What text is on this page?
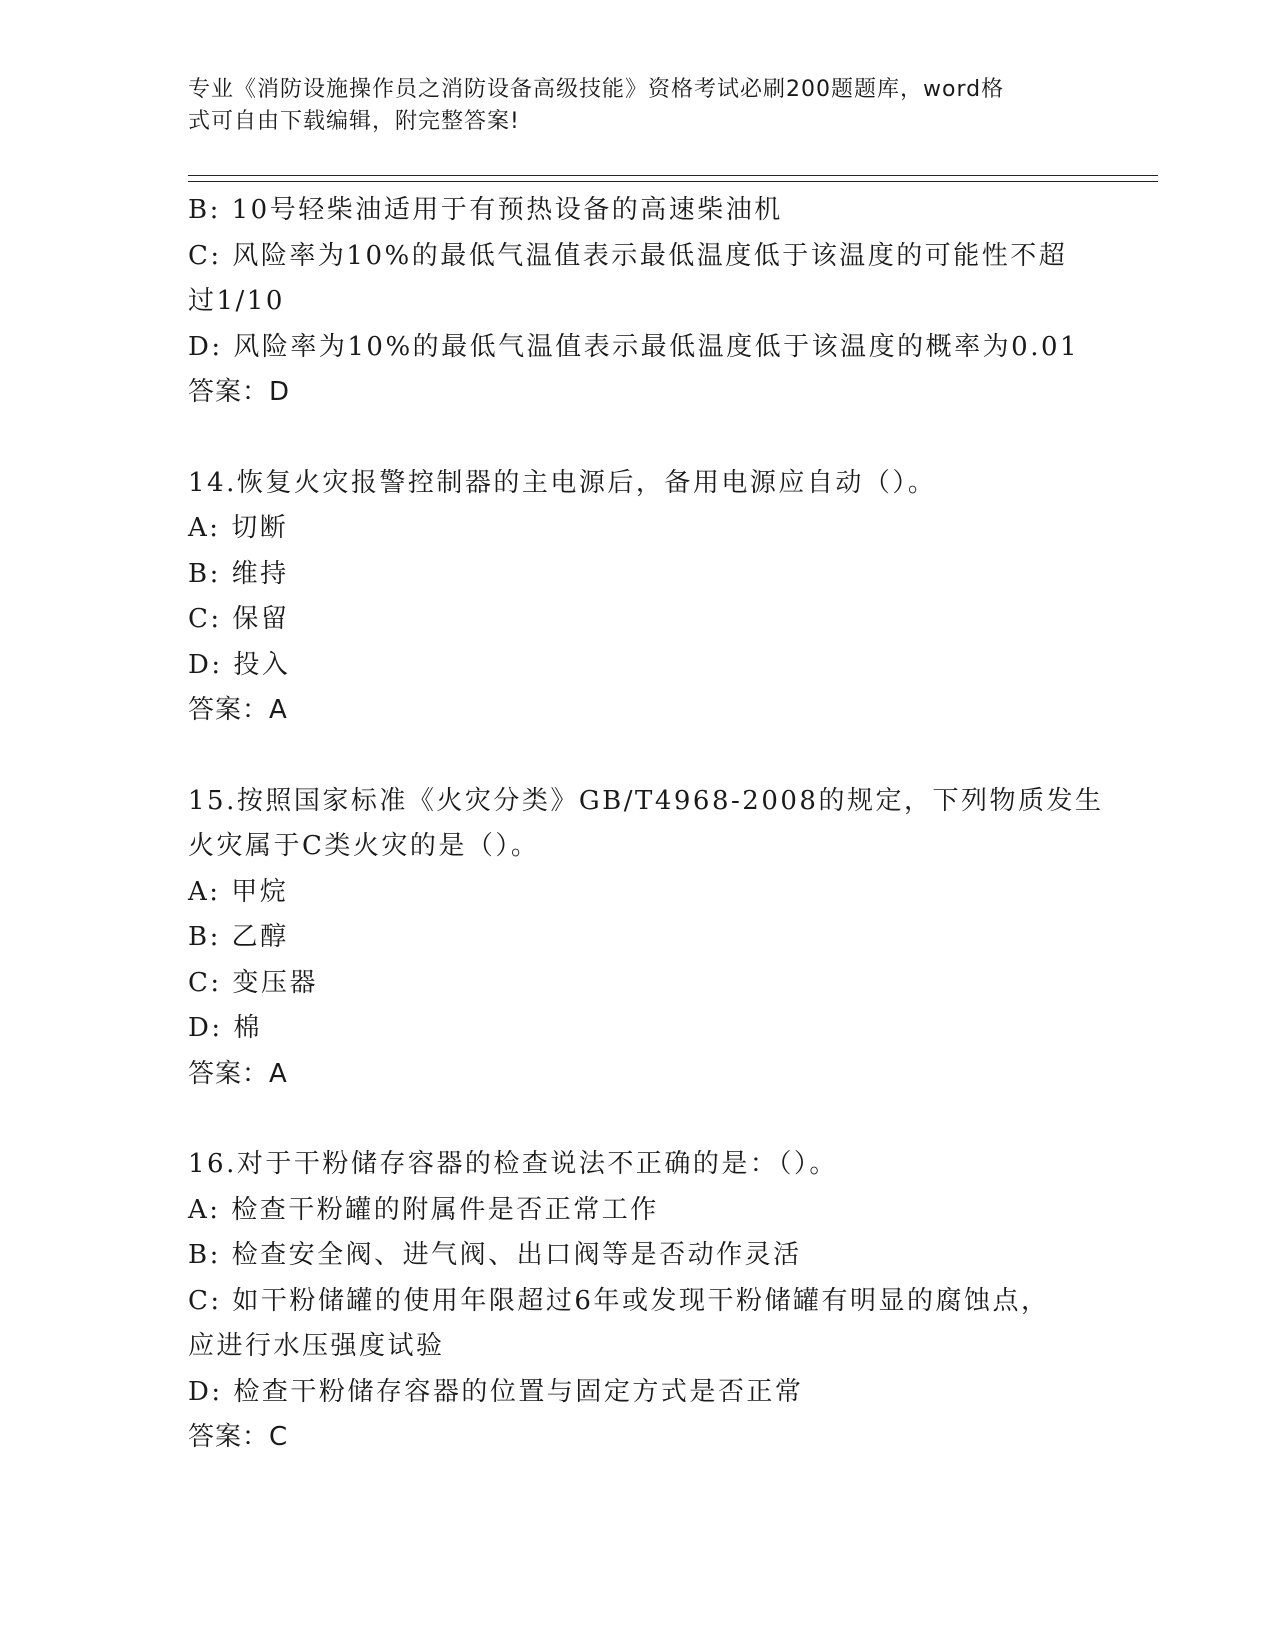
专业《消防设施操作员之消防设备高级技能》资格考试必刷200题题库，word格
式可自由下载编辑，附完整答案!
B: 10号轻柴油适用于有预热设备的高速柴油机
C: 风险率为10%的最低气温值表示最低温度低于该温度的可能性不超
过1/10
D: 风险率为10%的最低气温值表示最低温度低于该温度的概率为0.01
答案：D
14.恢复火灾报警控制器的主电源后，备用电源应自动（）。
A: 切断
B: 维持
C: 保留
D: 投入
答案：A
15.按照国家标准《火灾分类》GB/T4968-2008的规定，下列物质发生
火灾属于C类火灾的是（）。
A: 甲烷
B: 乙醇
C: 变压器
D: 棉
答案：A
16.对于干粉储存容器的检查说法不正确的是：（）。
A: 检查干粉罐的附属件是否正常工作
B: 检查安全阀、进气阀、出口阀等是否动作灵活
C: 如干粉储罐的使用年限超过6年或发现干粉储罐有明显的腐蚀点，
应进行水压强度试验
D: 检查干粉储存容器的位置与固定方式是否正常
答案：C
